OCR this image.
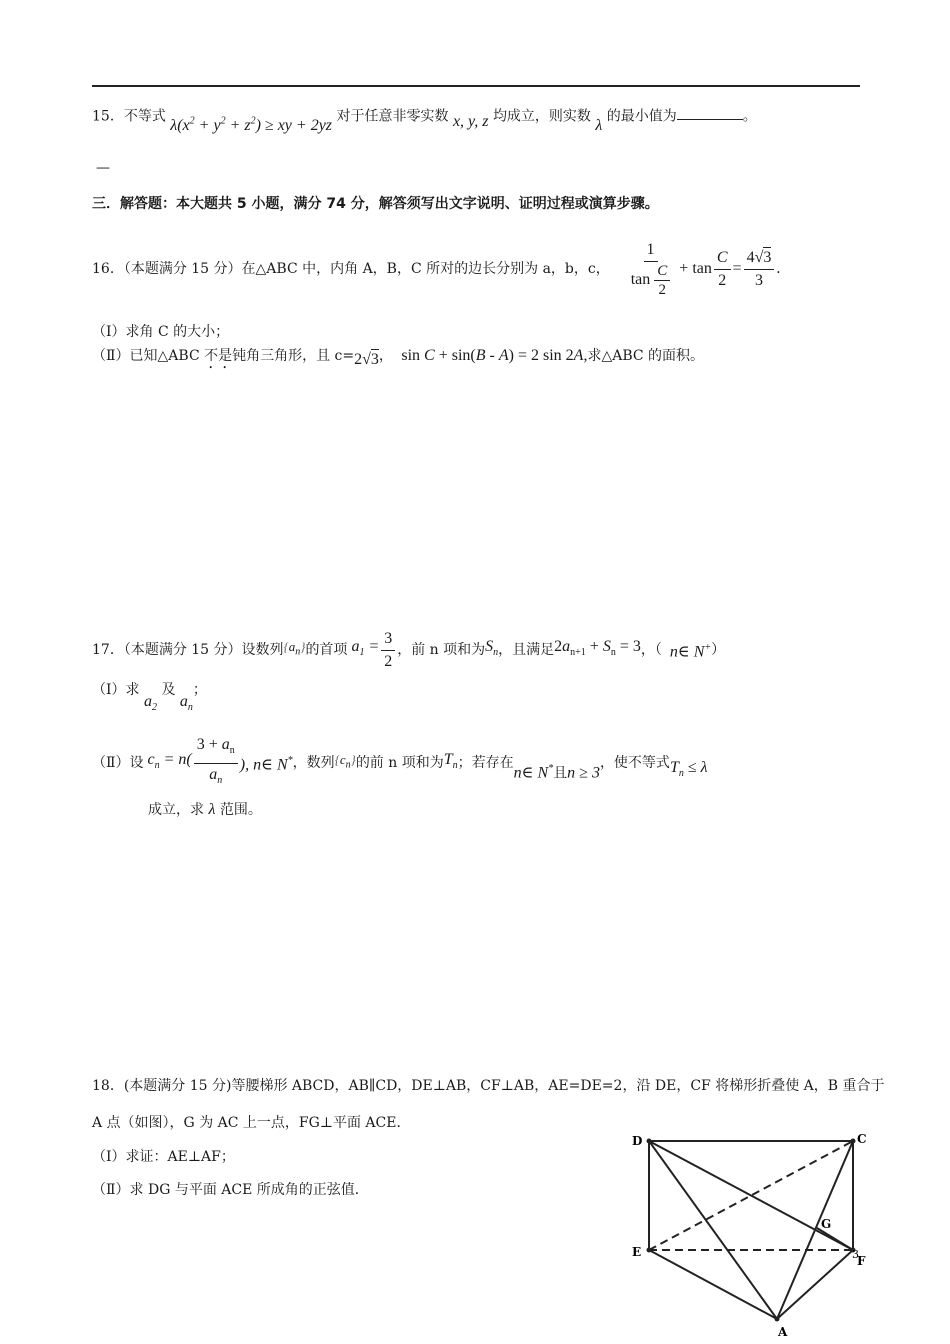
15．不等式 $\lambda(x^2 + y^2 + z^2)$ ≥ xy + 2yz 对于任意非零实数 x, y, z 均成立，则实数 λ 的最小值为	。
—
三．解答题：本大题共 5 小题，满分 74 分，解答须写出文字说明、证明过程或演算步骤。
16．（本题满分 15 分）在△ABC 中，内角 A，B，C 所对的边长分别为 a，b，c， $\frac{1}{\tan \frac{C}{2}} + \tan \frac{C}{2} = \frac{4√3}{3}$ .
（Ⅰ）求角 C 的大小；
（Ⅱ）已知△ABC 不是钝角三角形，且 c=2√3，  sin C + sin(B - A) = 2 sin 2A,求△ABC 的面积。
17．（本题满分 15 分）设数列 $\{a_n\}$ 的首项 $a_1 = \frac{3}{2}$ ，前 n 项和为 $S_n$ ，且满足 $2a_{n+1} + S_n = 3$ ，（ n∈ N+ ）
（Ⅰ）求 $a_2$ 及 $a_n$；
（Ⅱ）设 $c_n = n( \frac{3 + a_n}{a_n}$ ), n∈ N* ，数列 $\{c_n\}$ 的前 n 项和为 $T_n$ ；若存在
n∈ N*且n ≥ 3
，使不等式 $T_n \le \lambda$
成立，求 λ 范围。
18．(本题满分 15 分)等腰梯形 ABCD，AB∥CD，DE⊥AB，CF⊥AB，AE=DE=2，沿 DE，CF 将梯形折叠使 A，B 重合于
A 点（如图），G 为 AC 上一点，FG⊥平面 ACE．
（Ⅰ）求证：AE⊥AF；
（Ⅱ）求 DG 与平面 ACE 所成角的正弦值．
D	C
E
F
3
G
A
